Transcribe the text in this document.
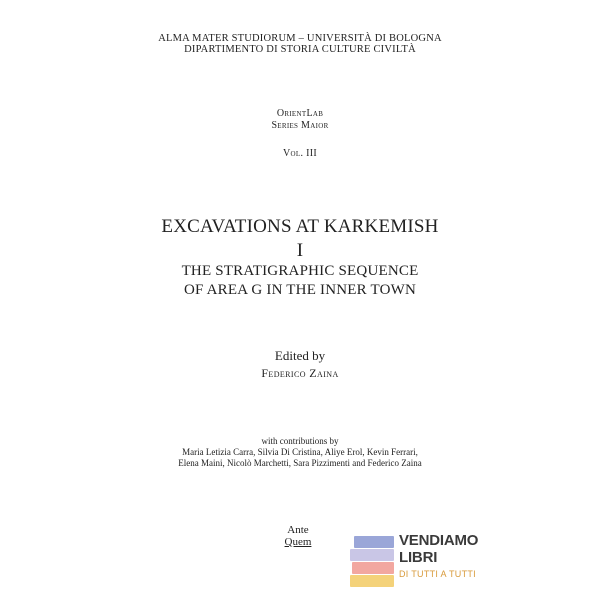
ALMA MATER STUDIORUM – UNIVERSITÀ DI BOLOGNA
DIPARTIMENTO DI STORIA CULTURE CIVILTÀ
OrientLab
Series Maior
Vol. III
EXCAVATIONS AT KARKEMISH
I
THE STRATIGRAPHIC SEQUENCE
OF AREA G IN THE INNER TOWN
Edited by
Federico Zaina
with contributions by
Maria Letizia Carra, Silvia Di Cristina, Aliye Erol, Kevin Ferrari,
Elena Maini, Nicolò Marchetti, Sara Pizzimenti and Federico Zaina
Ante
Quem	VENDIAMO
LIBRI
DI TUTTI A TUTTI
